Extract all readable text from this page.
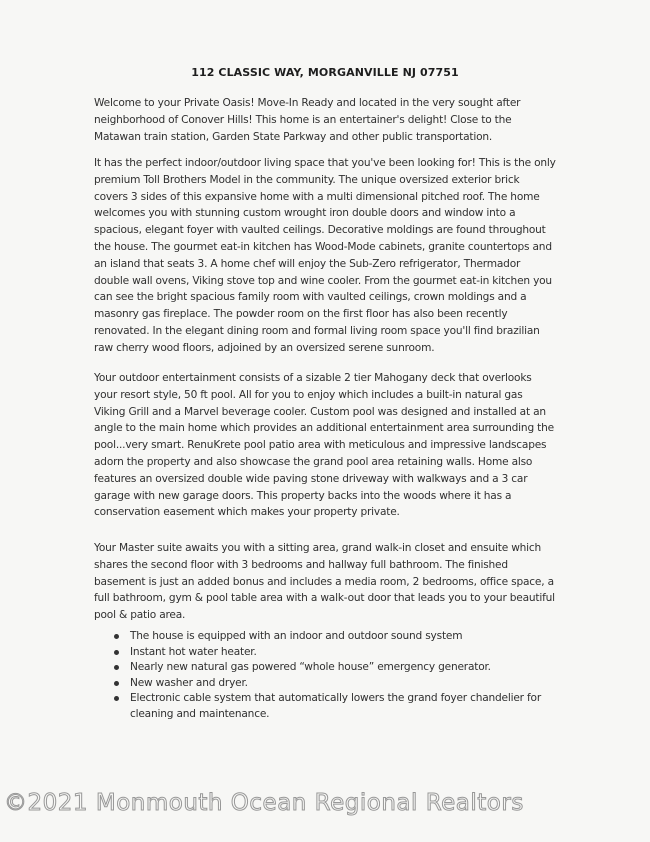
112 CLASSIC WAY, MORGANVILLE NJ 07751

Welcome to your Private Oasis! Move-In Ready and located in the very sought after neighborhood of Conover Hills! This home is an entertainer's delight! Close to the Matawan train station, Garden State Parkway and other public transportation.

It has the perfect indoor/outdoor living space that you've been looking for! This is the only premium Toll Brothers Model in the community. The unique oversized exterior brick covers 3 sides of this expansive home with a multi dimensional pitched roof. The home welcomes you with stunning custom wrought iron double doors and window into a spacious, elegant foyer with vaulted ceilings. Decorative moldings are found throughout the house. The gourmet eat-in kitchen has Wood-Mode cabinets, granite countertops and an island that seats 3. A home chef will enjoy the Sub-Zero refrigerator, Thermador double wall ovens, Viking stove top and wine cooler. From the gourmet eat-in kitchen you can see the bright spacious family room with vaulted ceilings, crown moldings and a masonry gas fireplace. The powder room on the first floor has also been recently renovated. In the elegant dining room and formal living room space you'll find brazilian raw cherry wood floors, adjoined by an oversized serene sunroom.

Your outdoor entertainment consists of a sizable 2 tier Mahogany deck that overlooks your resort style, 50 ft pool. All for you to enjoy which includes a built-in natural gas Viking Grill and a Marvel beverage cooler. Custom pool was designed and installed at an angle to the main home which provides an additional entertainment area surrounding the pool...very smart. RenuKrete pool patio area with meticulous and impressive landscapes adorn the property and also showcase the grand pool area retaining walls. Home also features an oversized double wide paving stone driveway with walkways and a 3 car garage with new garage doors. This property backs into the woods where it has a conservation easement which makes your property private.

Your Master suite awaits you with a sitting area, grand walk-in closet and ensuite which shares the second floor with 3 bedrooms and hallway full bathroom. The finished basement is just an added bonus and includes a media room, 2 bedrooms, office space, a full bathroom, gym & pool table area with a walk-out door that leads you to your beautiful pool & patio area.

The house is equipped with an indoor and outdoor sound system
Instant hot water heater.
Nearly new natural gas powered “whole house” emergency generator.
New washer and dryer.
Electronic cable system that automatically lowers the grand foyer chandelier for cleaning and maintenance.
©2021 Monmouth Ocean Regional Realtors
